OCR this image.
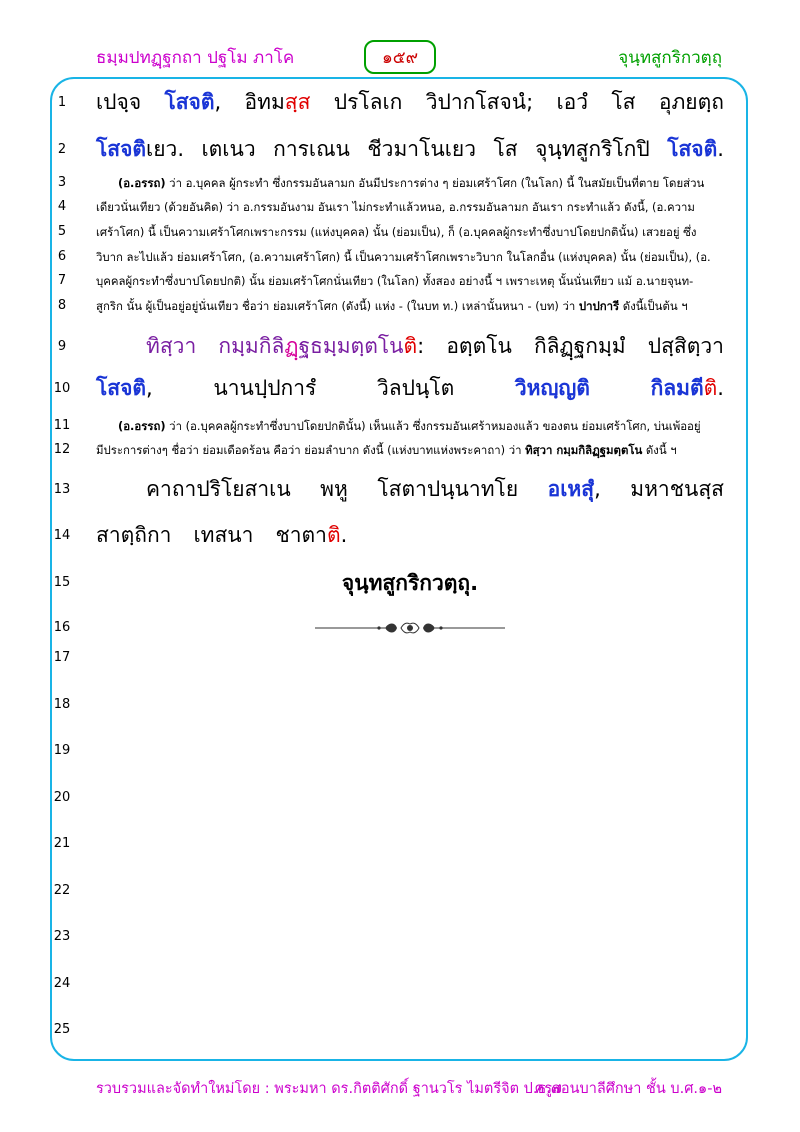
ธมฺมปทฏฺฐกถา ปฐโม ภาโค	๑๕๙	จุนฺทสูกริกวตฺถุ
1
2
3
4
5
6
7
8
9
10
11
12
13
14
15
16
17
18
19
20
21
22
23
24
25
เปจฺจ โสจติ, อิทมสฺส ปรโลเก วิปากโสจนํ; เอวํ โส อุภยตฺถ
โสจติเยว. เตเนว การเณน ชีวมาโนเยว โส จุนฺทสูกริโกปิ โสจติ.
(อ.อรรถ) ว่า อ.บุคคล ผู้กระทำ ซึ่งกรรมอันลามก อันมีประการต่าง ๆ ย่อมเศร้าโศก (ในโลก) นี้ ในสมัยเป็นที่ตาย โดยส่วน
เดียวนั่นเทียว (ด้วยอันคิด) ว่า อ.กรรมอันงาม อันเรา ไม่กระทำแล้วหนอ, อ.กรรมอันลามก อันเรา กระทำแล้ว ดังนี้, (อ.ความ
เศร้าโศก) นี้ เป็นความเศร้าโศกเพราะกรรม (แห่งบุคคล) นั้น (ย่อมเป็น), ก็ (อ.บุคคลผู้กระทำซึ่งบาปโดยปกตินั้น) เสวยอยู่ ซึ่ง
วิบาก ละไปแล้ว ย่อมเศร้าโศก, (อ.ความเศร้าโศก) นี้ เป็นความเศร้าโศกเพราะวิบาก ในโลกอื่น (แห่งบุคคล) นั้น (ย่อมเป็น), (อ.
บุคคลผู้กระทำซึ่งบาปโดยปกติ) นั้น ย่อมเศร้าโศกนั่นเทียว (ในโลก) ทั้งสอง อย่างนี้ ฯ เพราะเหตุ นั้นนั่นเทียว แม้ อ.นายจุนท-
สูกริก นั้น ผู้เป็นอยู่อยู่นั่นเทียว ชื่อว่า ย่อมเศร้าโศก (ดังนี้) แห่ง - (ในบท ท.) เหล่านั้นหนา - (บท) ว่า ปาปการี ดังนี้เป็นต้น ฯ
ทิสฺวา กมฺมกิลิฏฺฐธมฺมตฺตโนติ: อตฺตโน กิลิฏฺฐกมฺมํ ปสฺสิตฺวา
โสจติ,	นานปฺปการํ	วิลปนฺโต	วิหญฺญติ	กิลมตีติ.
(อ.อรรถ) ว่า (อ.บุคคลผู้กระทำซึ่งบาปโดยปกตินั้น) เห็นแล้ว ซึ่งกรรมอันเศร้าหมองแล้ว ของตน ย่อมเศร้าโศก, บ่นเพ้ออยู่
มีประการต่างๆ ชื่อว่า ย่อมเดือดร้อน คือว่า ย่อมลำบาก ดังนี้ (แห่งบาทแห่งพระคาถา) ว่า ทิสฺวา กมฺมกิลิฏฺฐมตฺตโน ดังนี้ ฯ
คาถาปริโยสาเน พหู โสตาปนฺนาทโย อเหสุํ, มหาชนสฺส
สาตฺถิกา เทสนา ชาตาติ.
จุนฺทสูกริกวตฺถุ.
รวบรวมและจัดทำใหม่โดย : พระมหา ดร.กิตติศักดิ์ ฐานวโร ไมตรีจิต ป.ธ.๗
ครูสอนบาลีศึกษา ชั้น บ.ศ.๑-๒
